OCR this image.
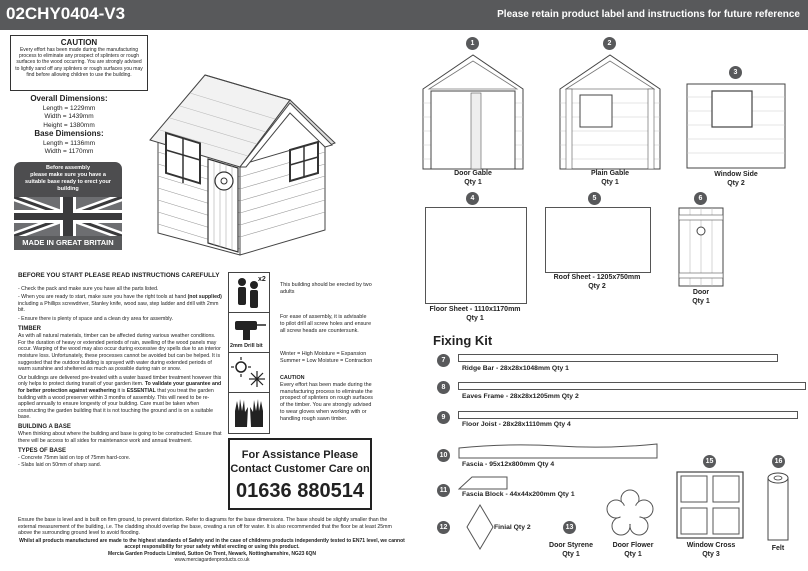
02CHY0404-V3	Please retain product label and instructions for future reference
CAUTION
Every effort has been made during the manufacturing process to eliminate any prospect of splinters or rough surfaces to the wood occurring. You are strongly advised to lightly sand off any splinters or rough surfaces you may find before allowing children to use the building.
Overall Dimensions:
Length = 1229mm
Width = 1439mm
Height = 1380mm
Base Dimensions:
Length = 1136mm
Width = 1170mm
Before assembly
please make sure you have a
suitable base ready to erect your
building
MADE IN GREAT BRITAIN
BEFORE YOU START PLEASE READ INSTRUCTIONS CAREFULLY

- Check the pack and make sure you have all the parts listed.

- When you are ready to start, make sure you have the right tools at hand (not supplied) including a Phillips screwdriver, Stanley knife, wood saw, step ladder and drill with 2mm bit.

- Ensure there is plenty of space and a clean dry area for assembly.

TIMBER

As with all natural materials, timber can be affected during various weather conditions. For the duration of heavy or extended periods of rain, swelling of the wood panels may occur. Warping of the wood may also occur during excessive dry spells due to an interior moisture loss. Unfortunately, these processes cannot be avoided but can be helped. It is suggested that the outdoor building is sprayed with water during extended periods of warm sunshine and sheltered as much as possible during rain or snow.

Our buildings are delivered pre-treated with a water based timber treatment however this only helps to protect during transit of your garden item. To validate your guarantee and for better protection against weathering it is ESSENTIAL that you treat the garden building with a wood preserver within 3 months of assembly. This will need to be re-applied annually to ensure longevity of your building. Care must be taken when constructing the garden building that it is not touching the ground and is on a suitable base.

BUILDING A BASE

When thinking about where the building and base is going to be constructed: Ensure that there will be access to all sides for maintenance work and annual treatment.

TYPES OF BASE

- Concrete 75mm laid on top of 75mm hard-core.

- Slabs laid on 50mm of sharp sand.

Ensure the base is level and is built on firm ground, to prevent distortion. Refer to diagrams for the base dimensions. The base should be slightly smaller than the external measurement of the building, i.e. The cladding should overlap the base, creating a run off for water. It is also recommended that the floor be at least 25mm above the surrounding ground level to avoid flooding.
Whilst all products manufactured are made to the highest standards of Safety and in the case of childrens products independently tested to EN71 level, we cannot accept responsibility for your safety whilst erecting or using this product.
Mercia Garden Products Limited, Sutton On Trent, Newark, Nottinghamshire, NG23 6QN
www.merciagardenproducts.co.uk
x2
2mm Drill bit
This building should be erected by two adults
For ease of assembly, it is advisable to pilot drill all screw holes and ensure all screw heads are countersunk.
Winter = High Moisture = Expansion Summer = Low Moisture = Contraction
CAUTION
Every effort has been made during the manufacturing process to eliminate the prospect of splinters on rough surfaces of the timber. You are strongly advised to wear gloves when working with or handling rough sawn timber.
For Assistance Please
Contact Customer Care on
01636 880514
1
Door Gable
Qty 1
2
Plain Gable
Qty 1
3
Window Side
Qty 2
4
Floor Sheet - 1110x1170mm
Qty 1
5
Roof Sheet - 1205x750mm
Qty 2
6
Door
Qty 1
Fixing Kit
7
Ridge Bar - 28x28x1048mm Qty 1
8
Eaves Frame - 28x28x1205mm Qty 2
9
Floor Joist - 28x28x1110mm Qty 4
10
Fascia - 95x12x800mm Qty 4
11
Fascia Block - 44x44x200mm Qty 1
12	Finial Qty 2	13
Door Styrene
Qty 1
Door Flower
Qty 1
15
Window Cross
Qty 3
16
Felt
